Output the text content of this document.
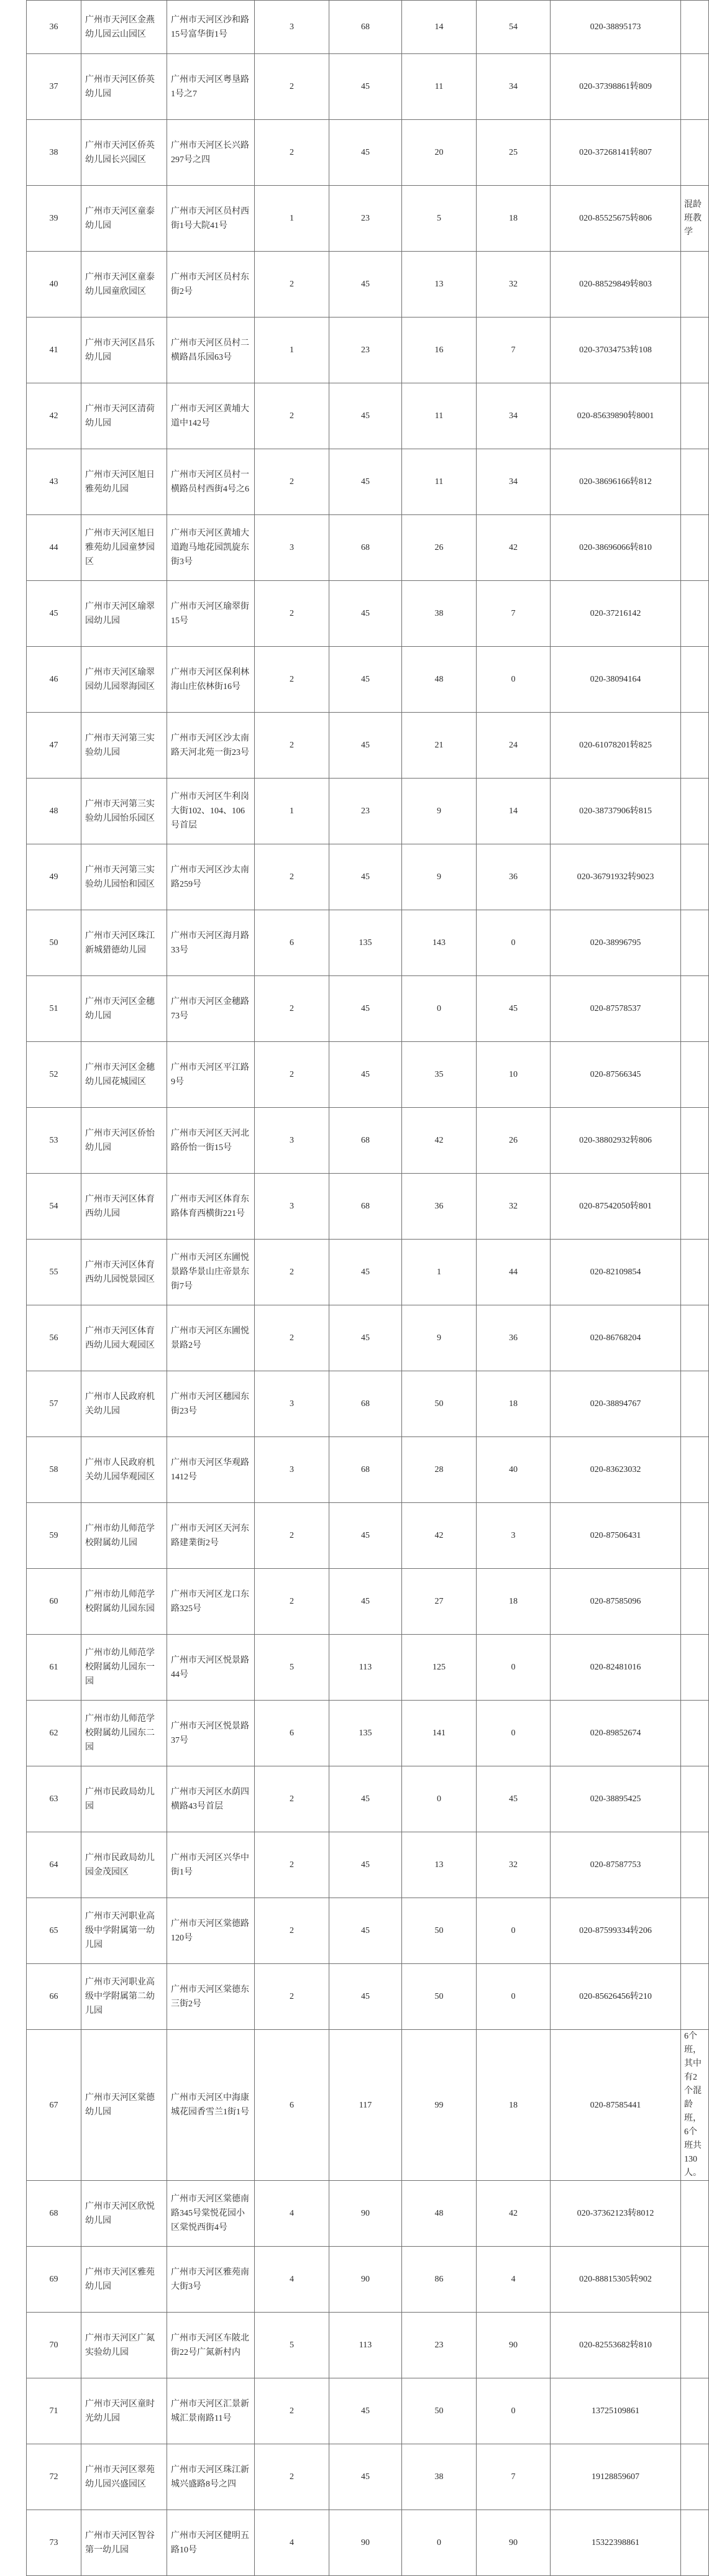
36	广州市天河区金燕幼儿园云山园区	广州市天河区沙和路15号富华街1号	3	68	14	54	020-38895173	
37	广州市天河区侨英幼儿园	广州市天河区粤垦路1号之7	2	45	11	34	020-37398861转809	
38	广州市天河区侨英幼儿园长兴园区	广州市天河区长兴路297号之四	2	45	20	25	020-37268141转807	
39	广州市天河区童泰幼儿园	广州市天河区员村西街1号大院41号	1	23	5	18	020-85525675转806	混龄班教学
40	广州市天河区童泰幼儿园童欣园区	广州市天河区员村东街2号	2	45	13	32	020-88529849转803	
41	广州市天河区昌乐幼儿园	广州市天河区员村二横路昌乐园63号	1	23	16	7	020-37034753转108	
42	广州市天河区清荷幼儿园	广州市天河区黄埔大道中142号	2	45	11	34	020-85639890转8001	
43	广州市天河区旭日雅苑幼儿园	广州市天河区员村一横路员村西街4号之6	2	45	11	34	020-38696166转812	
44	广州市天河区旭日雅苑幼儿园童梦园区	广州市天河区黄埔大道跑马地花园凯旋东街3号	3	68	26	42	020-38696066转810	
45	广州市天河区瑜翠园幼儿园	广州市天河区瑜翠街15号	2	45	38	7	020-37216142	
46	广州市天河区瑜翠园幼儿园翠海园区	广州市天河区保利林海山庄依林街16号	2	45	48	0	020-38094164	
47	广州市天河第三实验幼儿园	广州市天河区沙太南路天河北苑一街23号	2	45	21	24	020-61078201转825	
48	广州市天河第三实验幼儿园怡乐园区	广州市天河区牛利岗大街102、104、106号首层	1	23	9	14	020-38737906转815	
49	广州市天河第三实验幼儿园怡和园区	广州市天河区沙太南路259号	2	45	9	36	020-36791932转9023	
50	广州市天河区珠江新城猎德幼儿园	广州市天河区海月路33号	6	135	143	0	020-38996795	
51	广州市天河区金穗幼儿园	广州市天河区金穗路73号	2	45	0	45	020-87578537	
52	广州市天河区金穗幼儿园花城园区	广州市天河区平江路9号	2	45	35	10	020-87566345	
53	广州市天河区侨怡幼儿园	广州市天河区天河北路侨怡一街15号	3	68	42	26	020-38802932转806	
54	广州市天河区体育西幼儿园	广州市天河区体育东路体育西横街221号	3	68	36	32	020-87542050转801	
55	广州市天河区体育西幼儿园悦景园区	广州市天河区东圃悦景路华景山庄帝景东街7号	2	45	1	44	020-82109854	
56	广州市天河区体育西幼儿园大观园区	广州市天河区东圃悦景路2号	2	45	9	36	020-86768204	
57	广州市人民政府机关幼儿园	广州市天河区穗园东街23号	3	68	50	18	020-38894767	
58	广州市人民政府机关幼儿园华观园区	广州市天河区华观路1412号	3	68	28	40	020-83623032	
59	广州市幼儿师范学校附属幼儿园	广州市天河区天河东路建業街2号	2	45	42	3	020-87506431	
60	广州市幼儿师范学校附属幼儿园东园	广州市天河区龙口东路325号	2	45	27	18	020-87585096	
61	广州市幼儿师范学校附属幼儿园东一园	广州市天河区悦景路44号	5	113	125	0	020-82481016	
62	广州市幼儿师范学校附属幼儿园东二园	广州市天河区悦景路37号	6	135	141	0	020-89852674	
63	广州市民政局幼儿园	广州市天河区水荫四横路43号首层	2	45	0	45	020-38895425	
64	广州市民政局幼儿园金茂园区	广州市天河区兴华中街1号	2	45	13	32	020-87587753	
65	广州市天河职业高级中学附属第一幼儿园	广州市天河区棠德路120号	2	45	50	0	020-87599334转206	
66	广州市天河职业高级中学附属第二幼儿园	广州市天河区棠德东三街2号	2	45	50	0	020-85626456转210	
67	广州市天河区棠德幼儿园	广州市天河区中海康城花园香雪兰1街1号	6	117	99	18	020-87585441	6个班，其中有2个混龄班，6个班共130人。
68	广州市天河区欣悦幼儿园	广州市天河区棠德南路345号棠悦花园小区棠悦西街4号	4	90	48	42	020-37362123转8012	
69	广州市天河区雅苑幼儿园	广州市天河区雅苑南大街3号	4	90	86	4	020-88815305转902	
70	广州市天河区广氮实验幼儿园	广州市天河区车陂北街22号广氮新村内	5	113	23	90	020-82553682转810	
71	广州市天河区童时光幼儿园	广州市天河区汇景新城汇景南路11号	2	45	50	0	13725109861	
72	广州市天河区翠苑幼儿园兴盛园区	广州市天河区珠江新城兴盛路8号之四	2	45	38	7	19128859607	
73	广州市天河区智谷第一幼儿园	广州市天河区健明五路10号	4	90	0	90	15322398861	
